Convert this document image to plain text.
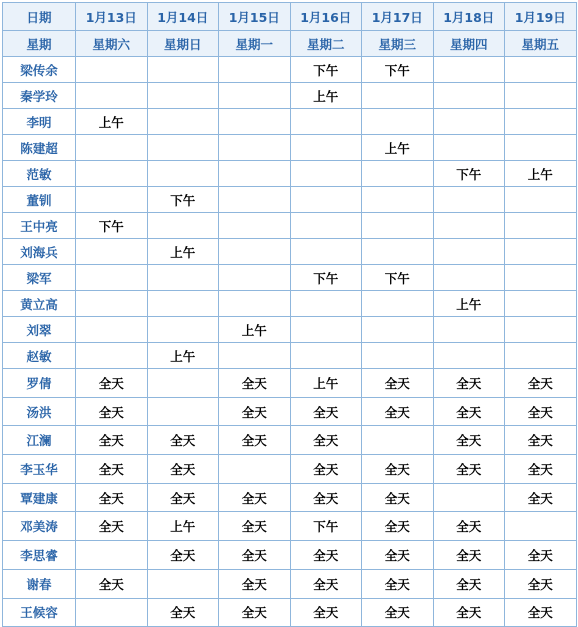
日期	1月13日	1月14日	1月15日	1月16日	1月17日	1月18日	1月19日
星期	星期六	星期日	星期一	星期二	星期三	星期四	星期五
梁传余				下午	下午		
秦学玲				上午			
李明	上午						
陈建超					上午		
范敏						下午	上午
董钏		下午					
王中亮	下午						
刘海兵		上午					
梁军				下午	下午		
黄立高						上午	
刘翠			上午				
赵敏		上午					
罗倩	全天		全天	上午	全天	全天	全天
汤洪	全天		全天	全天	全天	全天	全天
江澜	全天	全天	全天	全天		全天	全天
李玉华	全天	全天		全天	全天	全天	全天
覃建康	全天	全天	全天	全天	全天		全天
邓美涛	全天	上午	全天	下午	全天	全天	
李思睿		全天	全天	全天	全天	全天	全天
谢春	全天		全天	全天	全天	全天	全天
王候容		全天	全天	全天	全天	全天	全天
